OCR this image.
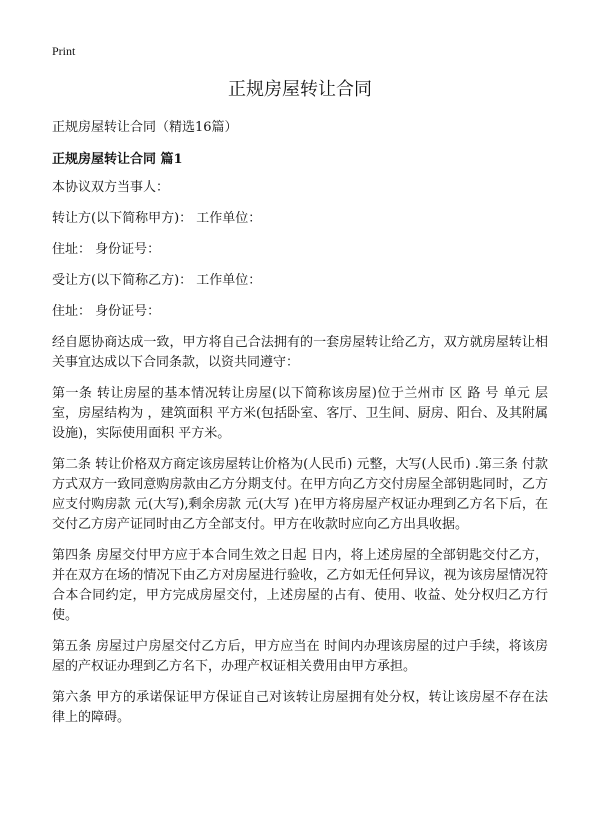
Print
正规房屋转让合同
正规房屋转让合同（精选16篇）
正规房屋转让合同 篇1

本协议双方当事人：

转让方(以下简称甲方)： 工作单位：

住址： 身份证号：

受让方(以下简称乙方)： 工作单位：

住址： 身份证号：

经自愿协商达成一致，甲方将自己合法拥有的一套房屋转让给乙方，双方就房屋转让相关事宜达成以下合同条款，以资共同遵守：

第一条 转让房屋的基本情况转让房屋(以下简称该房屋)位于兰州市 区 路 号 单元 层 室，房屋结构为 ，建筑面积 平方米(包括卧室、客厅、卫生间、厨房、阳台、及其附属设施)，实际使用面积 平方米。

第二条 转让价格双方商定该房屋转让价格为(人民币) 元整，大写(人民币) .第三条 付款方式双方一致同意购房款由乙方分期支付。在甲方向乙方交付房屋全部钥匙同时，乙方应支付购房款 元(大写),剩余房款 元(大写 )在甲方将房屋产权证办理到乙方名下后，在交付乙方房产证同时由乙方全部支付。甲方在收款时应向乙方出具收据。

第四条 房屋交付甲方应于本合同生效之日起 日内，将上述房屋的全部钥匙交付乙方，并在双方在场的情况下由乙方对房屋进行验收，乙方如无任何异议，视为该房屋情况符合本合同约定，甲方完成房屋交付，上述房屋的占有、使用、收益、处分权归乙方行使。

第五条 房屋过户房屋交付乙方后，甲方应当在 时间内办理该房屋的过户手续，将该房屋的产权证办理到乙方名下，办理产权证相关费用由甲方承担。

第六条 甲方的承诺保证甲方保证自己对该转让房屋拥有处分权，转让该房屋不存在法律上的障碍。
